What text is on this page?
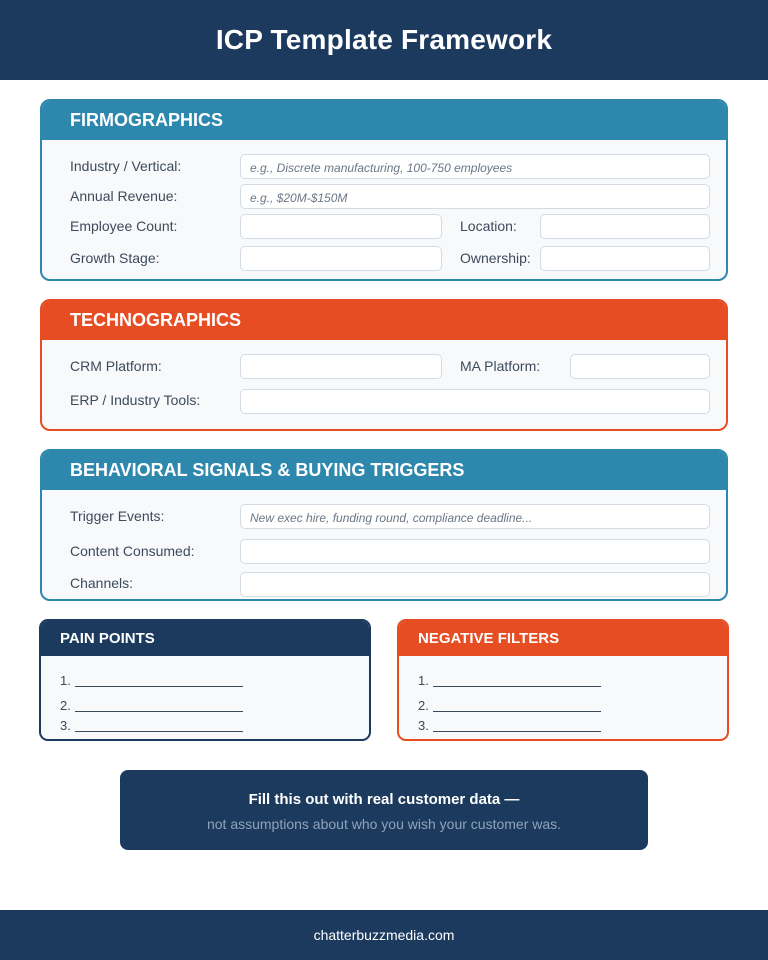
ICP Template Framework
FIRMOGRAPHICS
Industry / Vertical:	e.g., Discrete manufacturing, 100-750 employees
Annual Revenue:	e.g., $20M-$150M
Employee Count:	Location:
Growth Stage:	Ownership:
TECHNOGRAPHICS
CRM Platform:	MA Platform:
ERP / Industry Tools:
BEHAVIORAL SIGNALS & BUYING TRIGGERS
Trigger Events:	New exec hire, funding round, compliance deadline...
Content Consumed:
Channels:
PAIN POINTS
1.
2.
3.
NEGATIVE FILTERS
1.
2.
3.
Fill this out with real customer data —
not assumptions about who you wish your customer was.
chatterbuzzmedia.com
